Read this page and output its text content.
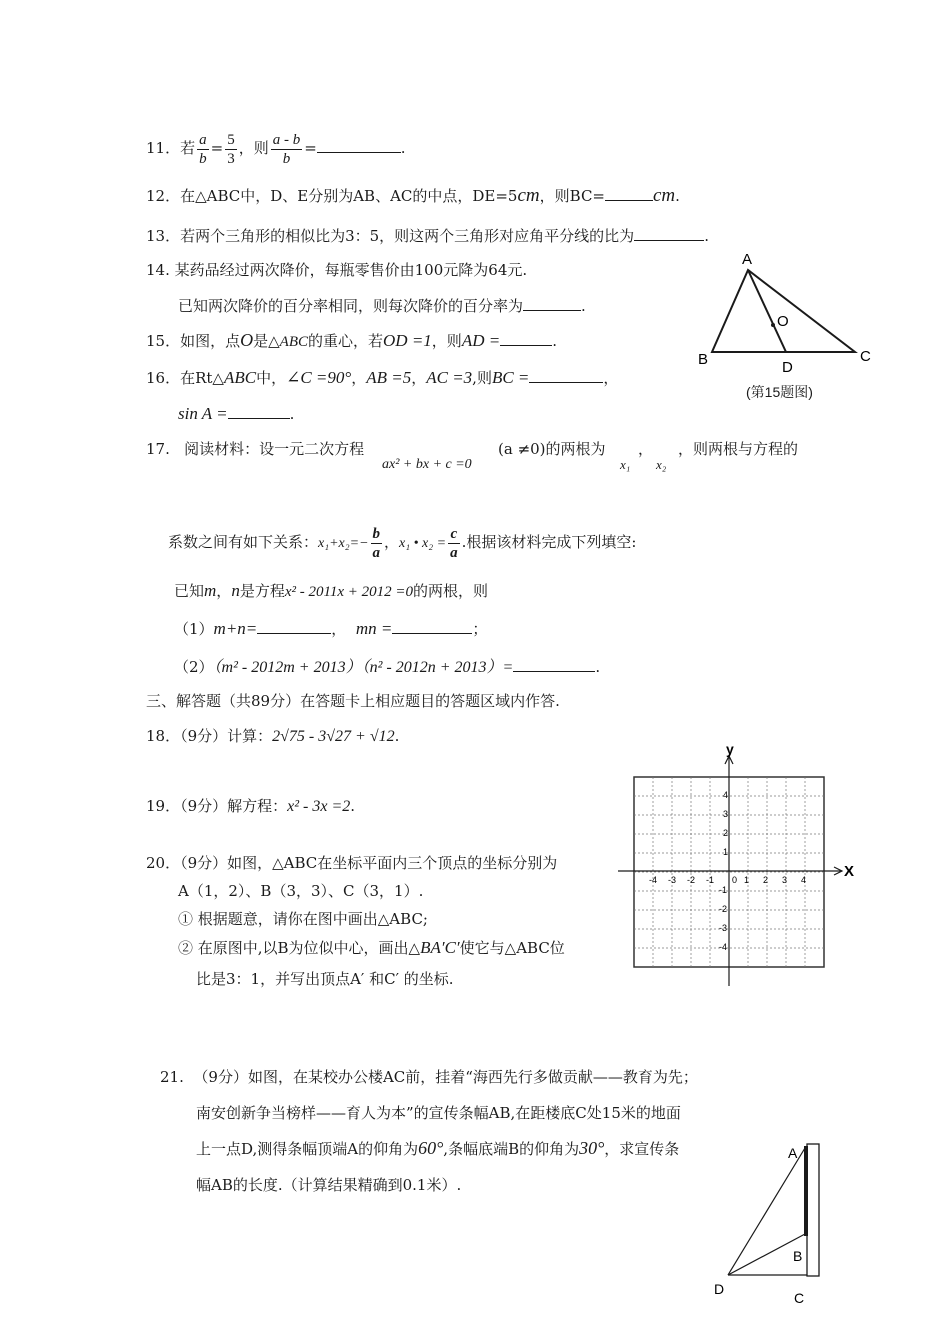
11．若 $\frac{a}{b} = \frac{5}{3}$ ，则 $\frac{a - b}{b}$ =	.
12．在△ABC中，D、E分别为AB、AC的中点，DE=5cm，则BC=	cm.
13．若两个三角形的相似比为3：5，则这两个三角形对应角平分线的比为	.
14. 某药品经过两次降价，每瓶零售价由100元降为64元.
已知两次降价的百分率相同，则每次降价的百分率为	.
15．如图，点O是△ABC的重心，若OD =1，则AD =	.
16．在Rt△ABC中，∠C =90°，AB =5，AC =3,则BC =	，
sin A =	.
17. 阅读材料：设一元二次方程
ax² + bx + c =0
(a ≠0)的两根为
x₁
，
x₂
，则两根与方程的
系数之间有如下关系：$x_1+x_2=- \frac{b}{a}$ ，x₁ • $x_2 = \frac{c}{a}$ .根据该材料完成下列填空:
已知m，n是方程x² - 2011x + 2012 =0的两根，则
（1）m+n=	， mn =	；
（2）（m² - 2012m + 2013）（n² - 2012n + 2013）=	.
三、解答题（共89分）在答题卡上相应题目的答题区域内作答.
18．（9分）计算：2√75 - 3√27 + √12.
19．（9分）解方程：x² - 3x =2.
20．（9分）如图，△ABC在坐标平面内三个顶点的坐标分别为
A（1，2）、B（3，3）、C（3，1）.
① 根据题意，请你在图中画出△ABC;
② 在原图中,以B为位似中心，画出△BA′C′使它与△ABC位
比是3：1，并写出顶点A′ 和C′ 的坐标.
21. （9分）如图，在某校办公楼AC前，挂着“海西先行多做贡献——教育为先；
南安创新争当榜样——育人为本”的宣传条幅AB,在距楼底C处15米的地面
上一点D,测得条幅顶端A的仰角为60°,条幅底端B的仰角为30°，求宣传条
幅AB的长度.（计算结果精确到0.1米）.
A
B	C
D
O
(第15题图)
X
y
0
-4 -3 -2 -1	1 2 3 4
4
3
2
1
-1
-2
-3
-4
A
B
C
D
